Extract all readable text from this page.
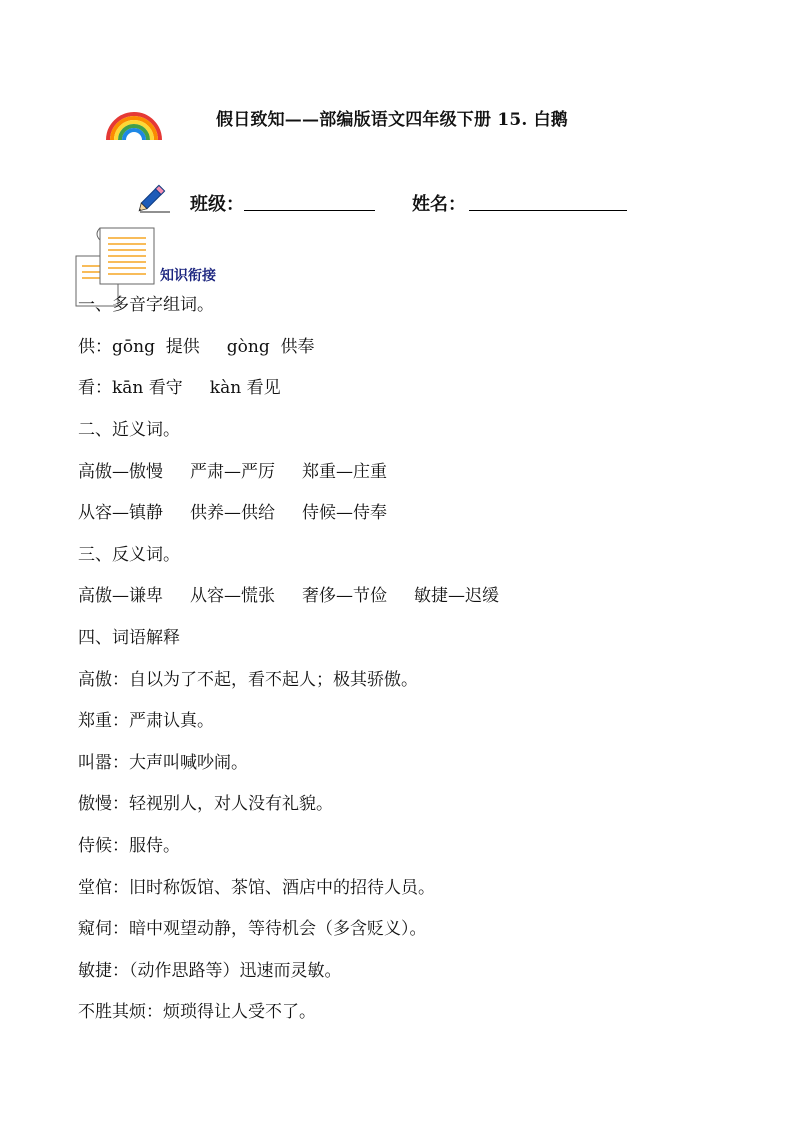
假日致知——部编版语文四年级下册 15. 白鹅
班级：	姓名：
知识衔接
一、多音字组词。
供：gōng  提供     gòng  供奉
看：kān 看守     kàn 看见
二、近义词。
高傲—傲慢     严肃—严厉     郑重—庄重
从容—镇静     供养—供给     侍候—侍奉
三、反义词。
高傲—谦卑     从容—慌张     奢侈—节俭     敏捷—迟缓
四、词语解释
高傲：自以为了不起，看不起人；极其骄傲。
郑重：严肃认真。
叫嚣：大声叫喊吵闹。
傲慢：轻视别人，对人没有礼貌。
侍候：服侍。
堂倌：旧时称饭馆、茶馆、酒店中的招待人员。
窥伺：暗中观望动静，等待机会（多含贬义）。
敏捷：（动作思路等）迅速而灵敏。
不胜其烦：烦琐得让人受不了。
